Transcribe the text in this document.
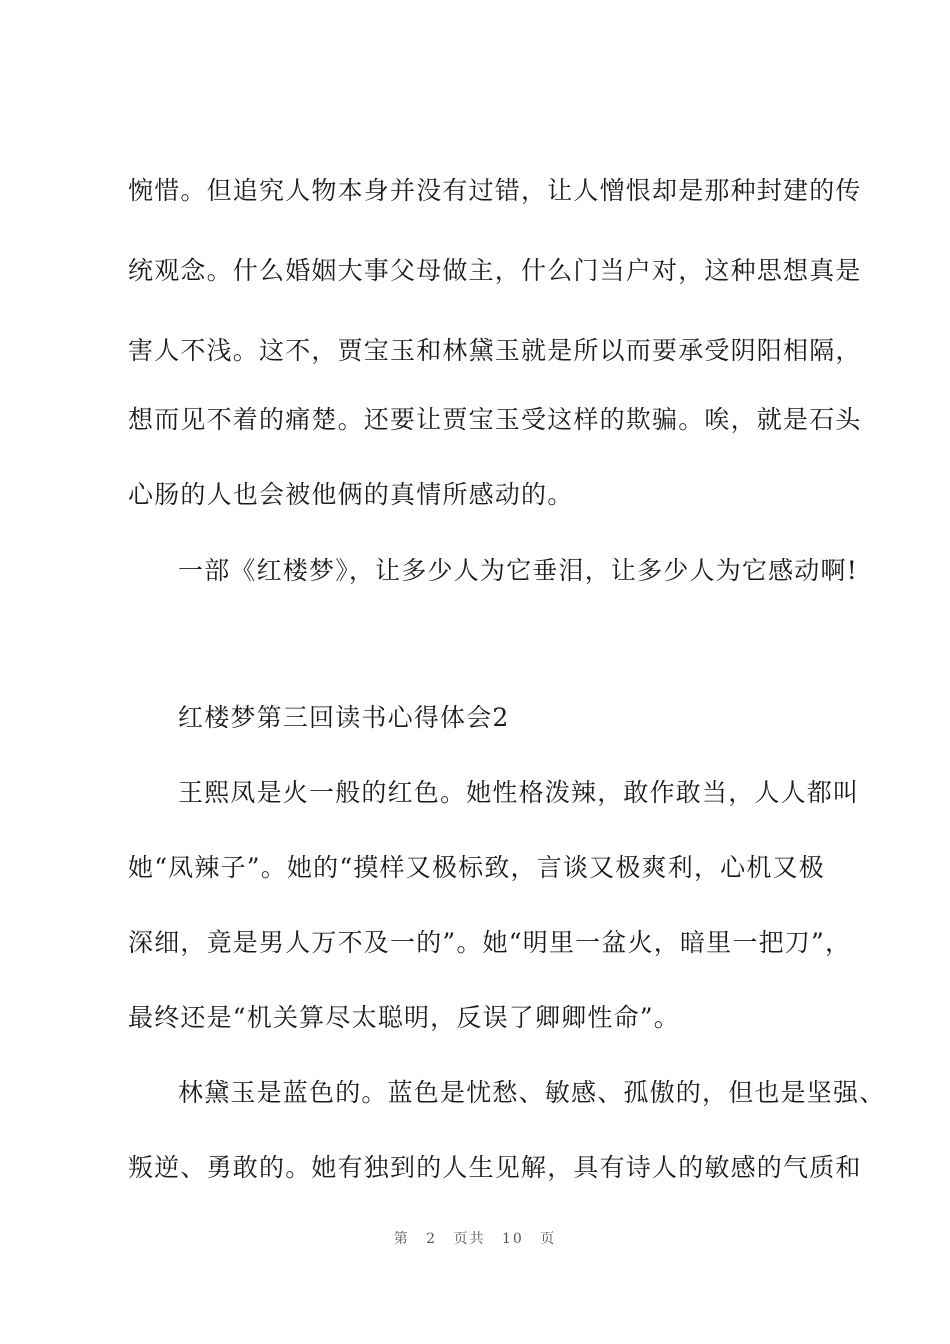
惋惜。但追究人物本身并没有过错，让人憎恨却是那种封建的传
统观念。什么婚姻大事父母做主，什么门当户对，这种思想真是
害人不浅。这不，贾宝玉和林黛玉就是所以而要承受阴阳相隔，
想而见不着的痛楚。还要让贾宝玉受这样的欺骗。唉，就是石头
心肠的人也会被他俩的真情所感动的。
一部《红楼梦》，让多少人为它垂泪，让多少人为它感动啊!
红楼梦第三回读书心得体会2
王熙凤是火一般的红色。她性格泼辣，敢作敢当，人人都叫
她“凤辣子”。她的“摸样又极标致，言谈又极爽利，心机又极
深细，竟是男人万不及一的”。她“明里一盆火，暗里一把刀”，
最终还是“机关算尽太聪明，反误了卿卿性命”。
林黛玉是蓝色的。蓝色是忧愁、敏感、孤傲的，但也是坚强、
叛逆、勇敢的。她有独到的人生见解，具有诗人的敏感的气质和
第 2 页共 10 页
